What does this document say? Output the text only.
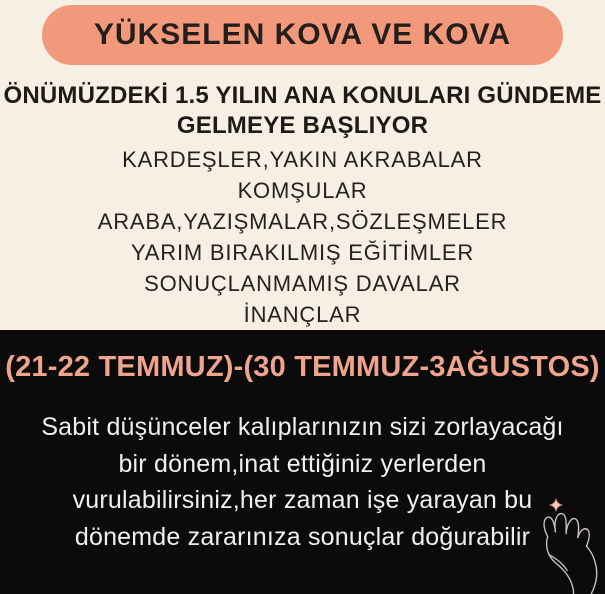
YÜKSELEN KOVA VE KOVA
ÖNÜMÜZDEKİ 1.5 YILIN ANA KONULARI GÜNDEME
GELMEYE BAŞLIYOR
KARDEŞLER,YAKIN AKRABALAR
KOMŞULAR
ARABA,YAZIŞMALAR,SÖZLEŞMELER
YARIM BIRAKILMIŞ EĞİTİMLER
SONUÇLANMAMIŞ DAVALAR
İNANÇLAR
(21-22 TEMMUZ)-(30 TEMMUZ-3AĞUSTOS)
Sabit düşünceler kalıplarınızın sizi zorlayacağı
bir dönem,inat ettiğiniz yerlerden
vurulabilirsiniz,her zaman işe yarayan bu
dönemde zararınıza sonuçlar doğurabilir
